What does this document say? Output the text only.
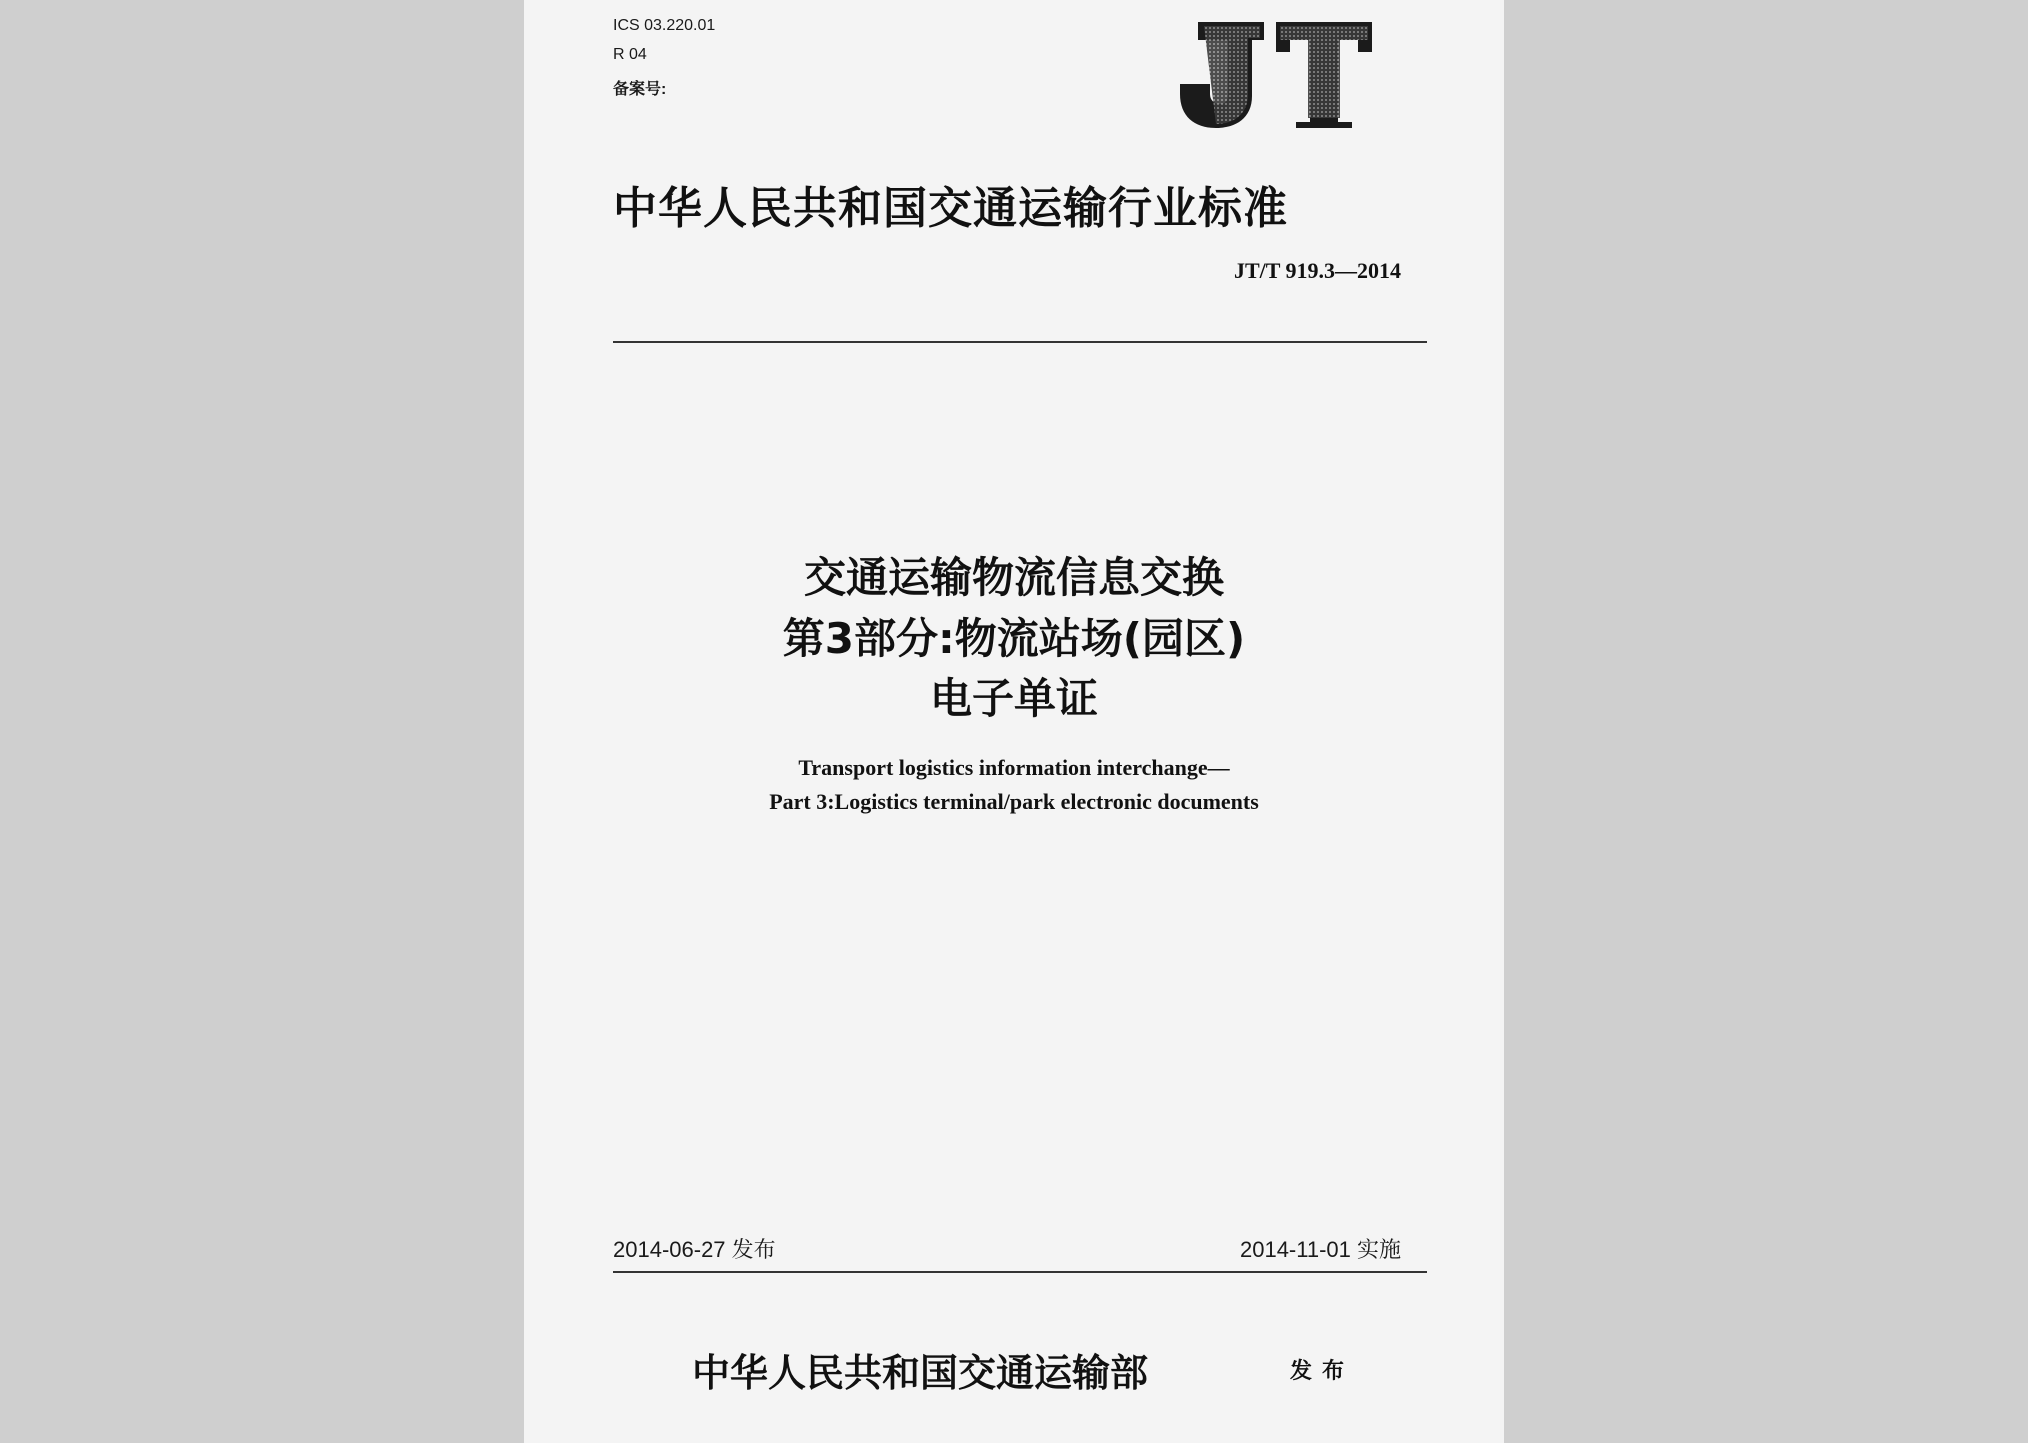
ICS 03.220.01
R 04
备案号:
中华人民共和国交通运输行业标准
JT/T 919.3—2014
交通运输物流信息交换
第3部分:物流站场(园区)
电子单证
Transport logistics information interchange—
Part 3:Logistics terminal/park electronic documents
2014-06-27 发布	2014-11-01 实施
中华人民共和国交通运输部	发布
